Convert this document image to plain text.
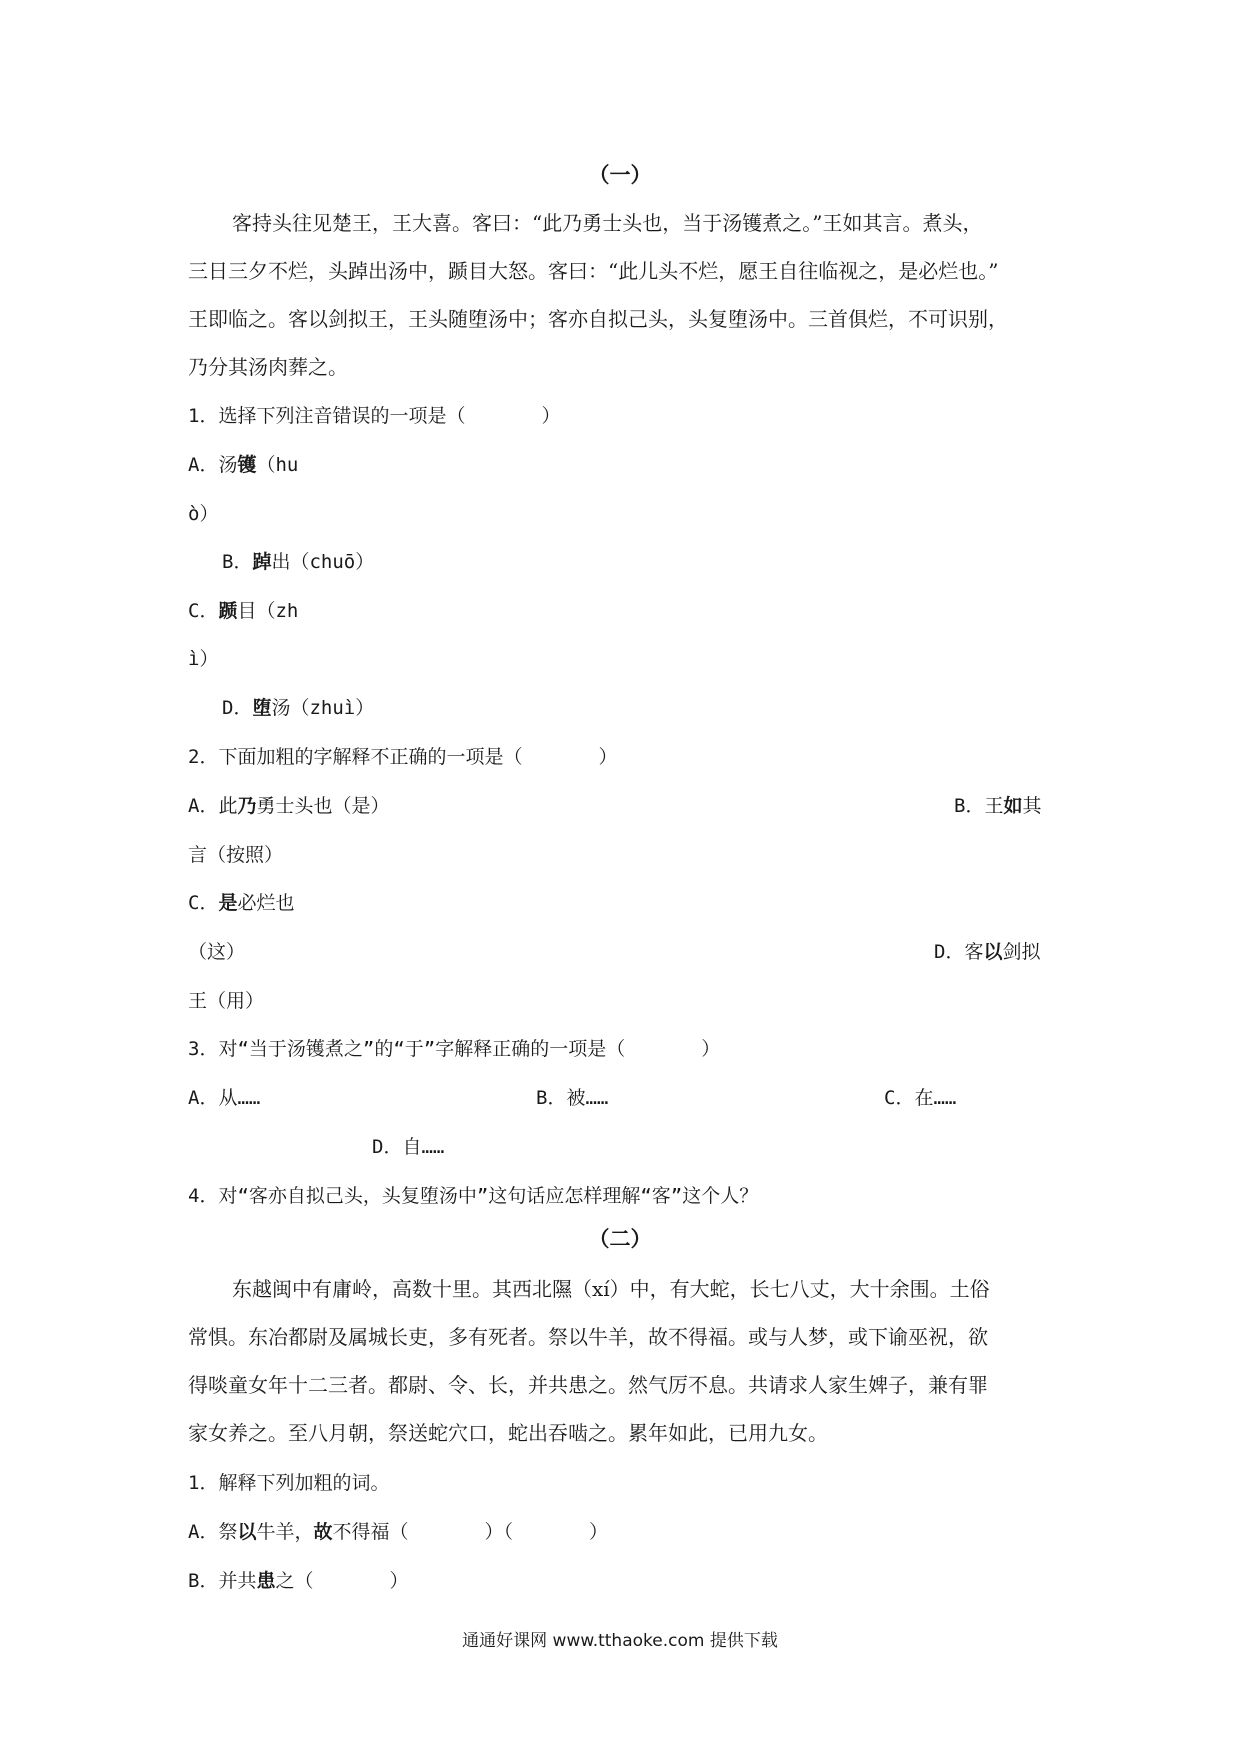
（一）
客持头往见楚王，王大喜。客曰：“此乃勇士头也，当于汤镬煮之。”王如其言。煮头，
三日三夕不烂，头踔出汤中，踬目大怒。客曰：“此儿头不烂，愿王自往临视之，是必烂也。”
王即临之。客以剑拟王，王头随堕汤中；客亦自拟己头，头复堕汤中。三首俱烂，不可识别，
乃分其汤肉葬之。
1．选择下列注音错误的一项是（　　　　）
A．汤镬（hu
ò）
B．踔出（chuō）
C．踬目（zh
ì）
D．堕汤（zhuì）
2．下面加粗的字解释不正确的一项是（　　　　）
A．此乃勇士头也（是）	B．王如其
言（按照）
C．是必烂也
（这）	D．客以剑拟
王（用）
3．对“当于汤镬煮之”的“于”字解释正确的一项是（　　　　）
A．从……	B．被……	C．在……
D．自……
4．对“客亦自拟己头，头复堕汤中”这句话应怎样理解“客”这个人？
（二）
东越闽中有庸岭，高数十里。其西北隰（xí）中，有大蛇，长七八丈，大十余围。土俗
常惧。东冶都尉及属城长吏，多有死者。祭以牛羊，故不得福。或与人梦，或下谕巫祝，欲
得啖童女年十二三者。都尉、令、长，并共患之。然气厉不息。共请求人家生婢子，兼有罪
家女养之。至八月朝，祭送蛇穴口，蛇出吞啮之。累年如此，已用九女。
1．解释下列加粗的词。
A．祭以牛羊，故不得福（　　　　）（　　　　）
B．并共患之（　　　　）
通通好课网 www.tthaoke.com 提供下载
